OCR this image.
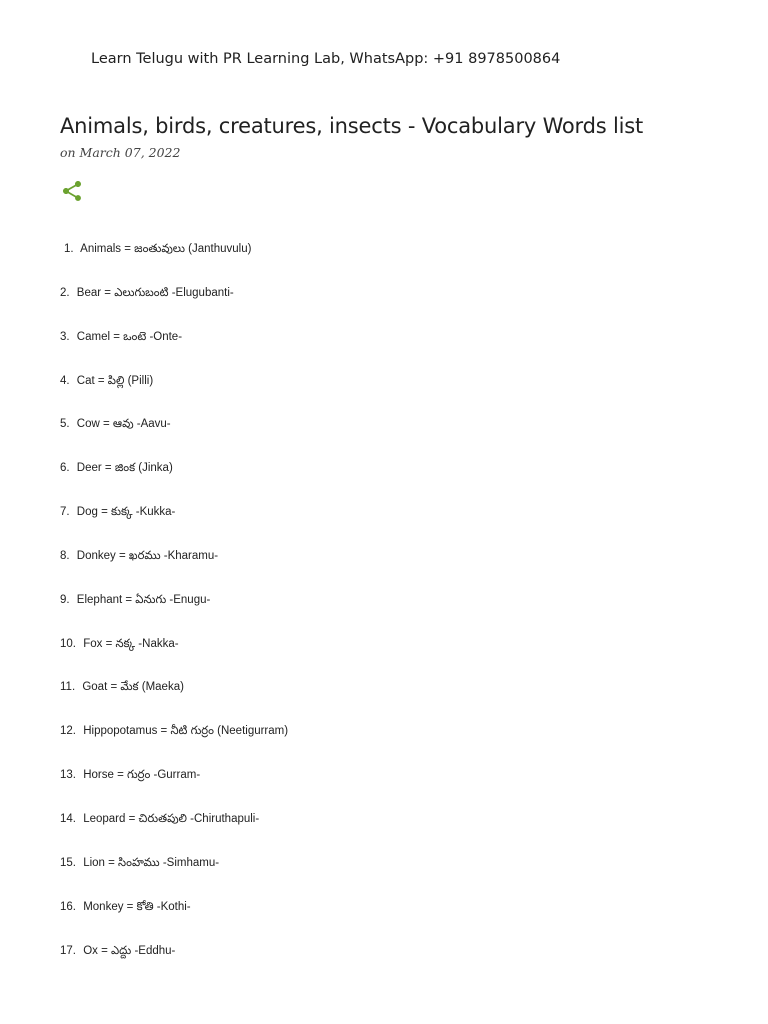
Learn Telugu with PR Learning Lab, WhatsApp: +91 8978500864
Animals, birds, creatures, insects - Vocabulary Words list
on March 07, 2022
1. Animals = జంతువులు (Janthuvulu)
2. Bear = ఎలుగుబంటి -Elugubanti-
3. Camel = ఒంటె -Onte-
4. Cat = పిల్లి (Pilli)
5. Cow = ఆవు -Aavu-
6. Deer = జింక (Jinka)
7. Dog = కుక్క -Kukka-
8. Donkey = ఖరము -Kharamu-
9. Elephant = ఏనుగు -Enugu-
10. Fox = నక్క -Nakka-
11. Goat = మేక (Maeka)
12. Hippopotamus = నీటి గుర్రం (Neetigurram)
13. Horse = గుర్రం -Gurram-
14. Leopard = చిరుతపులి -Chiruthapuli-
15. Lion = సింహము -Simhamu-
16. Monkey = కోతి -Kothi-
17. Ox = ఎద్దు -Eddhu-
